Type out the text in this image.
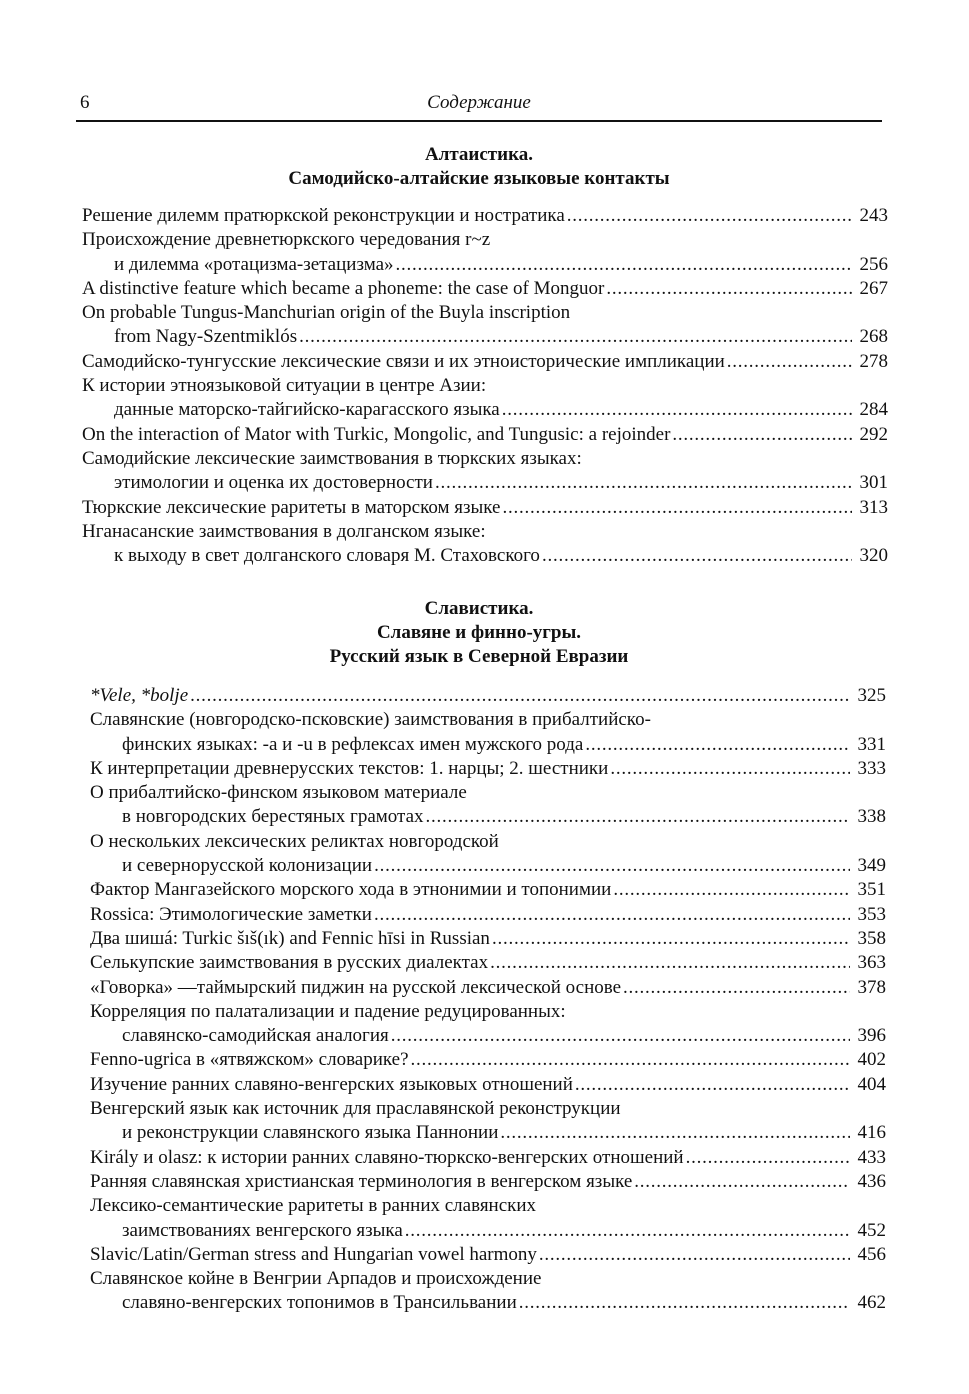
6	Содержание
Алтаистика.
Самодийско-алтайские языковые контакты
Решение дилемм пратюркской реконструкции и ностратика . . .	243
Происхождение древнетюркского чередования r~z
и дилемма «ротацизма-зетацизма» . . .	256
A distinctive feature which became a phoneme: the case of Monguor . . .	267
On probable Tungus-Manchurian origin of the Buyla inscription
from Nagy-Szentmiklós . . .	268
Самодийско-тунгусские лексические связи и их этноисторические импликации . . .	278
К истории этноязыковой ситуации в центре Азии:
данные маторско-тайгийско-карагасского языка . . .	284
On the interaction of Mator with Turkic, Mongolic, and Tungusic: a rejoinder . . .	292
Самодийские лексические заимствования в тюркских языках:
этимологии и оценка их достоверности . . .	301
Тюркские лексические раритеты в маторском языке . . .	313
Нганасанские заимствования в долганском языке:
к выходу в свет долганского словаря М. Стаховского . . .	320
Славистика.
Славяне и финно-угры.
Русский язык в Северной Евразии
*Vele, *bolje . . .	325
Славянские (новгородско-псковские) заимствования в прибалтийско-
финских языках: -a и -u в рефлексах имен мужского рода . . .	331
К интерпретации древнерусских текстов: 1. нарцы; 2. шестники . . .	333
О прибалтийско-финском языковом материале
в новгородских берестяных грамотах . . .	338
О нескольких лексических реликтах новгородской
и севернорусской колонизации . . .	349
Фактор Мангазейского морского хода в этнонимии и топонимии . . .	351
Rossica: Этимологические заметки . . .	353
Два шишá: Turkic šıš(ık) and Fennic hīsi in Russian . . .	358
Селькупские заимствования в русских диалектах . . .	363
«Говорка» —таймырский пиджин на русской лексической основе . . .	378
Корреляция по палатализации и падение редуцированных:
славянско-самодийская аналогия . . .	396
Fenno-ugrica в «ятвяжском» словарике? . . .	402
Изучение ранних славяно-венгерских языковых отношений . . .	404
Венгерский язык как источник для праславянской реконструкции
и реконструкции славянского языка Паннонии . . .	416
Király и olasz: к истории ранних славяно-тюркско-венгерских отношений . . .	433
Ранняя славянская христианская терминология в венгерском языке . . .	436
Лексико-семантические раритеты в ранних славянских
заимствованиях венгерского языка . . .	452
Slavic/Latin/German stress and Hungarian vowel harmony . . .	456
Славянское койне в Венгрии Арпадов и происхождение
славяно-венгерских топонимов в Трансильвании . . .	462
